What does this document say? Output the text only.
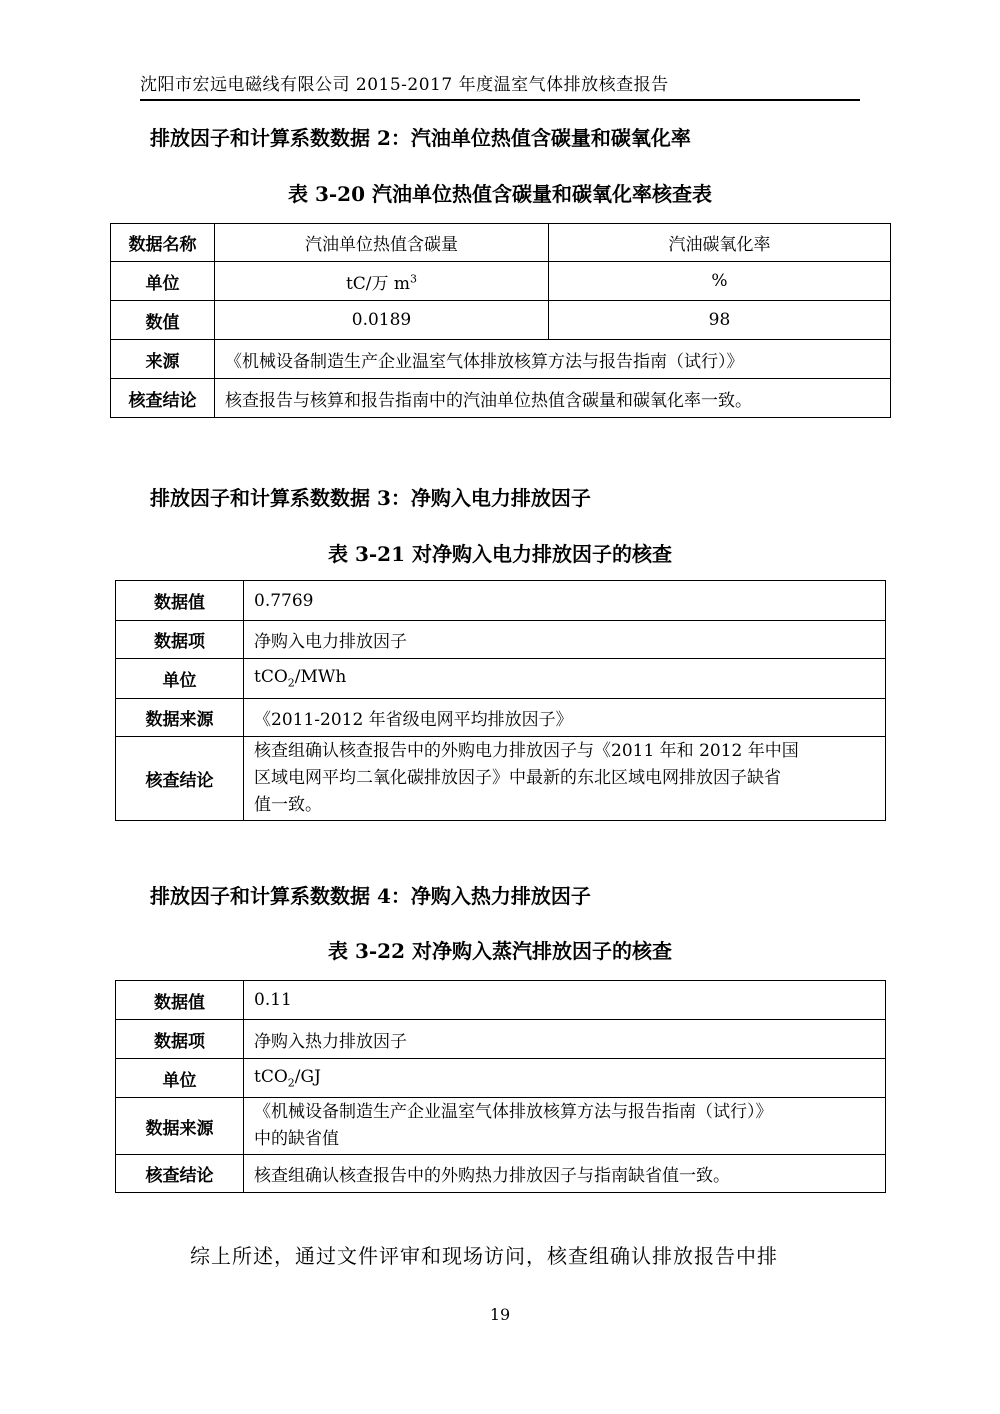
沈阳市宏远电磁线有限公司 2015-2017 年度温室气体排放核查报告
排放因子和计算系数数据 2：汽油单位热值含碳量和碳氧化率
表 3-20 汽油单位热值含碳量和碳氧化率核查表
数据名称	汽油单位热值含碳量	汽油碳氧化率
单位	tC/万 $m^3$	%
数值	0.0189	98
来源	《机械设备制造生产企业温室气体排放核算方法与报告指南（试行）》	
核查结论	核查报告与核算和报告指南中的汽油单位热值含碳量和碳氧化率一致。	
排放因子和计算系数数据 3：净购入电力排放因子
表 3-21 对净购入电力排放因子的核查
数据值	0.7769
数据项	净购入电力排放因子
单位	tCO$_2$/MWh
数据来源	《2011-2012 年省级电网平均排放因子》
核查结论	核查组确认核查报告中的外购电力排放因子与《2011 年和 2012 年中国
区域电网平均二氧化碳排放因子》中最新的东北区域电网排放因子缺省
值一致。
排放因子和计算系数数据 4：净购入热力排放因子
表 3-22 对净购入蒸汽排放因子的核查
数据值	0.11
数据项	净购入热力排放因子
单位	tCO$_2$/GJ
数据来源	《机械设备制造生产企业温室气体排放核算方法与报告指南（试行）》
中的缺省值

核查结论	核查组确认核查报告中的外购热力排放因子与指南缺省值一致。
综上所述，通过文件评审和现场访问，核查组确认排放报告中排
19
